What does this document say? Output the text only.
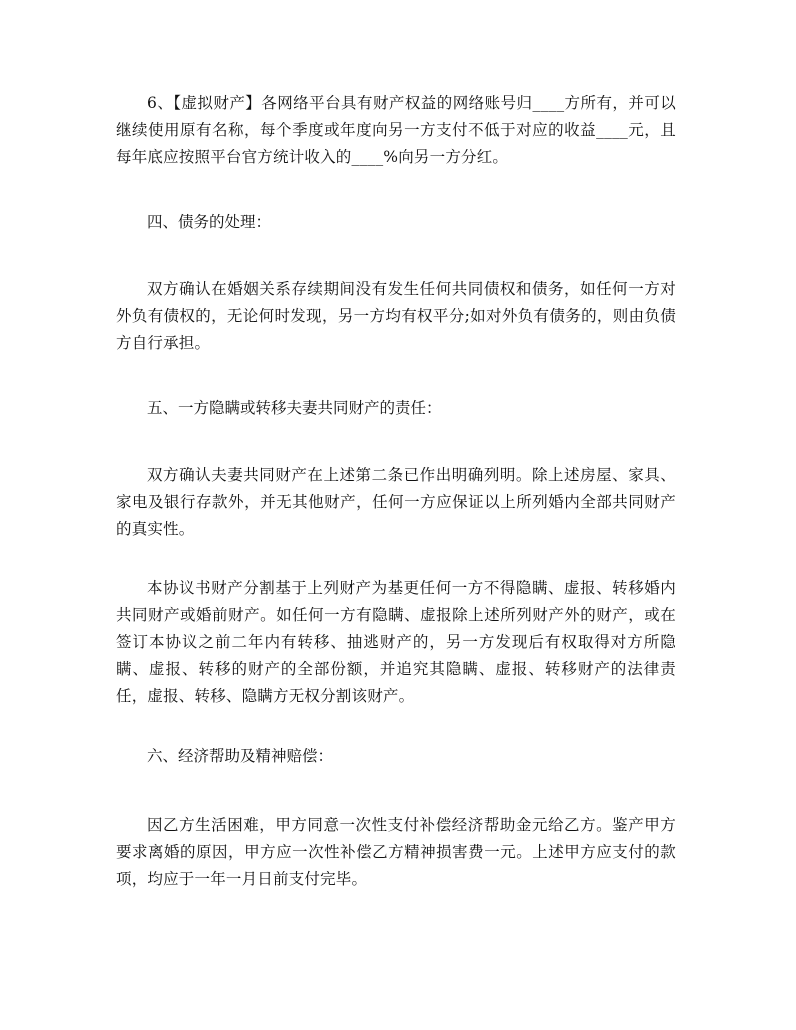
6、【虚拟财产】各网络平台具有财产权益的网络账号归____方所有，并可以继续使用原有名称，每个季度或年度向另一方支付不低于对应的收益____元，且每年底应按照平台官方统计收入的____%向另一方分红。

四、债务的处理：

双方确认在婚姻关系存续期间没有发生任何共同债权和债务，如任何一方对外负有债权的，无论何时发现，另一方均有权平分;如对外负有债务的，则由负债方自行承担。

五、一方隐瞒或转移夫妻共同财产的责任：

双方确认夫妻共同财产在上述第二条已作出明确列明。除上述房屋、家具、家电及银行存款外，并无其他财产，任何一方应保证以上所列婚内全部共同财产的真实性。

本协议书财产分割基于上列财产为基更任何一方不得隐瞒、虚报、转移婚内共同财产或婚前财产。如任何一方有隐瞒、虚报除上述所列财产外的财产，或在签订本协议之前二年内有转移、抽逃财产的，另一方发现后有权取得对方所隐瞒、虚报、转移的财产的全部份额，并追究其隐瞒、虚报、转移财产的法律责任，虚报、转移、隐瞒方无权分割该财产。

六、经济帮助及精神赔偿：

因乙方生活困难，甲方同意一次性支付补偿经济帮助金元给乙方。鉴产甲方要求离婚的原因，甲方应一次性补偿乙方精神损害费一元。上述甲方应支付的款项，均应于一年一月日前支付完毕。
